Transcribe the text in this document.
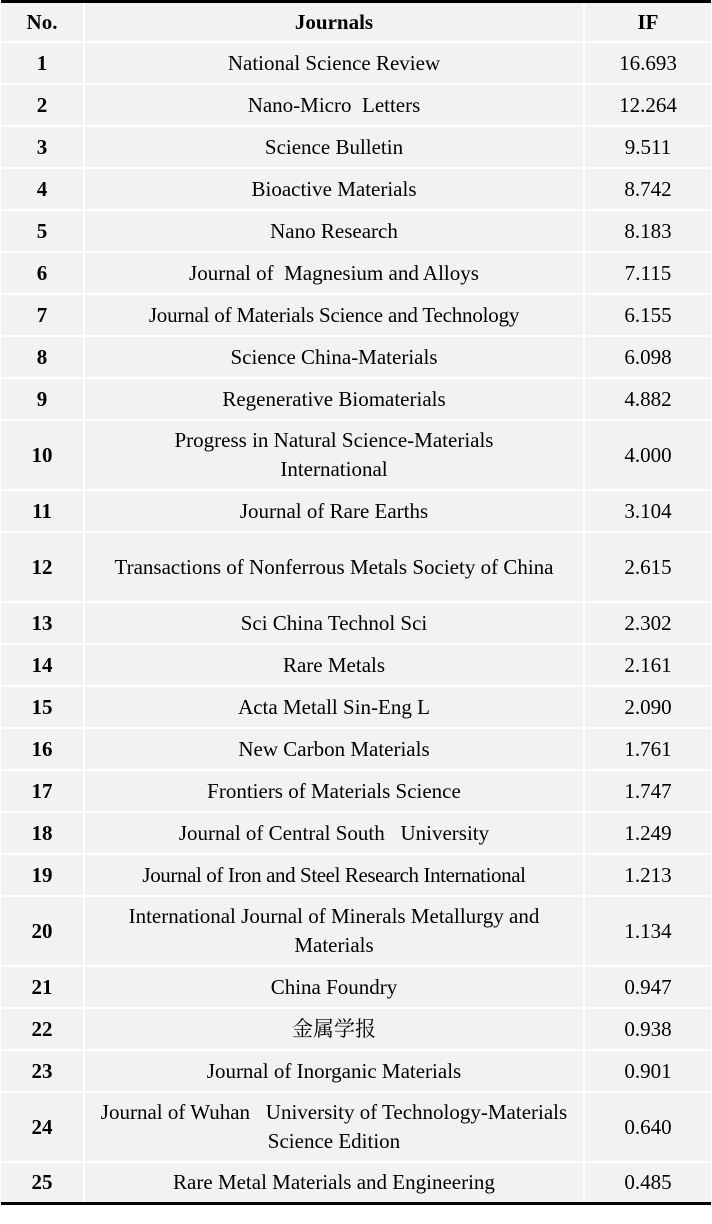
No.	Journals	IF
1	National Science Review	16.693
2	Nano-Micro  Letters	12.264
3	Science Bulletin	9.511
4	Bioactive Materials	8.742
5	Nano Research	8.183
6	Journal of  Magnesium and Alloys	7.115
7	Journal of Materials Science and Technology	6.155
8	Science China-Materials	6.098
9	Regenerative Biomaterials	4.882
10	Progress in Natural Science-Materials International	4.000
11	Journal of Rare Earths	3.104
12	Transactions of Nonferrous Metals Society of China	2.615
13	Sci China Technol Sci	2.302
14	Rare Metals	2.161
15	Acta Metall Sin-Eng L	2.090
16	New Carbon Materials	1.761
17	Frontiers of Materials Science	1.747
18	Journal of Central South   University	1.249
19	Journal of Iron and Steel Research International	1.213
20	International Journal of Minerals Metallurgy and Materials	1.134
21	China Foundry	0.947
22	金属学报	0.938
23	Journal of Inorganic Materials	0.901
24	Journal of Wuhan   University of Technology-Materials Science Edition	0.640
25	Rare Metal Materials and Engineering	0.485
